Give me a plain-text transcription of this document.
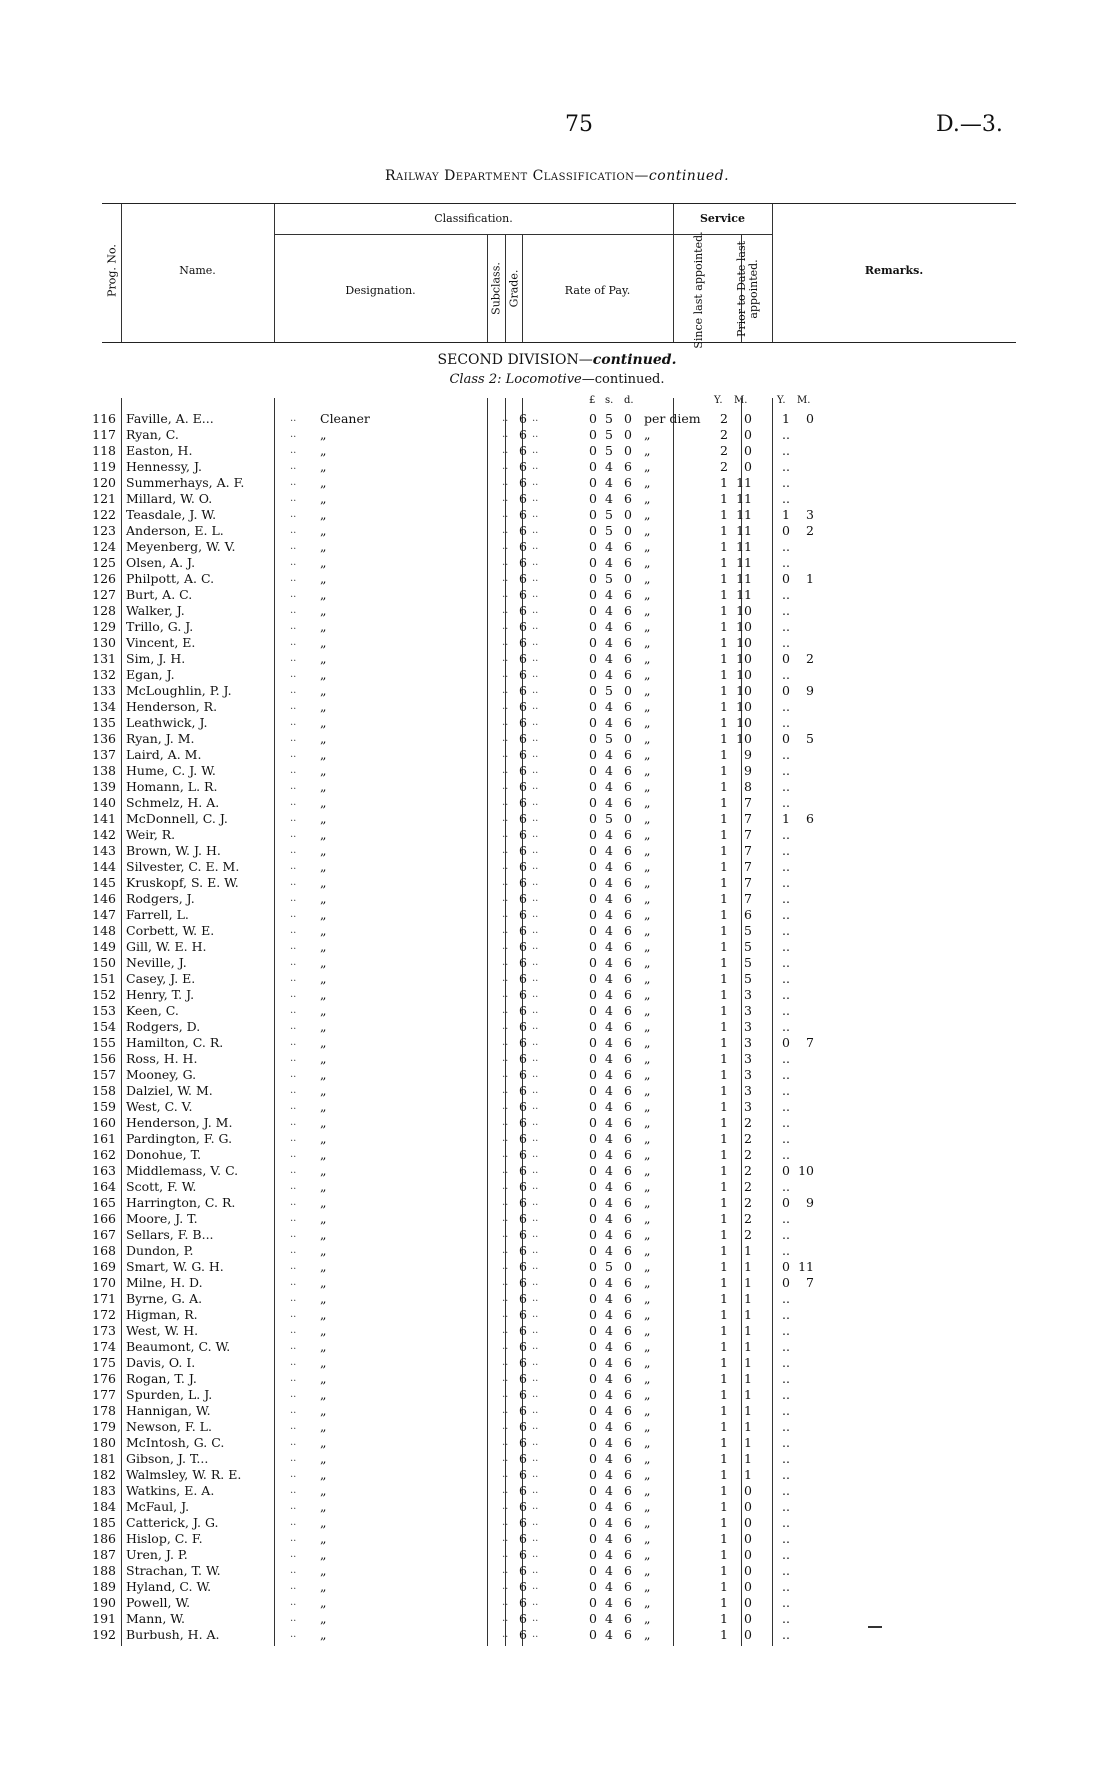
75	D.—3.
Railway Department Classification—continued.
Prog. No.	Name.
Classification.
Designation.	Subclass. Grade.	Rate of Pay.
Service
Since last appointed.	Prior to Date last appointed.	Remarks.
SECOND DIVISION—continued.
Class 2: Locomotive—continued.
£ s. d.	Y. M.	Y. M.
116 Faville, A. E...	Cleaner	6	0 5 0 per diem	2	0	1	0
..	.. ..
117 Ryan, C.	„	6	0 5 0 „	2	0	..
..	.. ..
118 Easton, H.	„	6	0 5 0 „	2	0	..
..	.. ..
119 Hennessy, J.	„	6	0 4 6 „	2	0	..
..	.. ..
120 Summerhays, A. F.	„	6	0 4 6 „	1 11	..
..	.. ..
121 Millard, W. O.	„	6	0 4 6 „	1 11	..
..	.. ..
122 Teasdale, J. W.	„	6	0 5 0 „	1 11	1	3
..	.. ..
123 Anderson, E. L.	„	6	0 5 0 „	1 11	0	2
..	.. ..
124 Meyenberg, W. V.	„	6	0 4 6 „	1 11	..
..	.. ..
125 Olsen, A. J.	„	6	0 4 6 „	1 11	..
..	.. ..
126 Philpott, A. C.	„	6	0 5 0 „	1 11	0	1
..	.. ..
127 Burt, A. C.	„	6	0 4 6 „	1 11	..
..	.. ..
128 Walker, J.	„	6	0 4 6 „	1 10	..
..	.. ..
129 Trillo, G. J.	„	6	0 4 6 „	1 10	..
..	.. ..
130 Vincent, E.	„	6	0 4 6 „	1 10	..
..	.. ..
131 Sim, J. H.	„	6	0 4 6 „	1 10	0	2
..	.. ..
132 Egan, J.	„	6	0 4 6 „	1 10	..
..	.. ..
133 McLoughlin, P. J.	„	6	0 5 0 „	1 10	0	9
..	.. ..
134 Henderson, R.	„	6	0 4 6 „	1 10	..
..	.. ..
135 Leathwick, J.	„	6	0 4 6 „	1 10	..
..	.. ..
136 Ryan, J. M.	„	6	0 5 0 „	1 10	0	5
..	.. ..
137 Laird, A. M.	„	6	0 4 6 „	1	9	..
..	.. ..
138 Hume, C. J. W.	„	6	0 4 6 „	1	9	..
..	.. ..
139 Homann, L. R.	„	6	0 4 6 „	1	8	..
..	.. ..
140 Schmelz, H. A.	„	6	0 4 6 „	1	7	..
..	.. ..
141 McDonnell, C. J.	„	6	0 5 0 „	1	7	1	6
..	.. ..
142 Weir, R.	„	6	0 4 6 „	1	7	..
..	.. ..
143 Brown, W. J. H.	„	6	0 4 6 „	1	7	..
..	.. ..
144 Silvester, C. E. M.	„	6	0 4 6 „	1	7	..
..	.. ..
145 Kruskopf, S. E. W.	„	6	0 4 6 „	1	7	..
..	.. ..
146 Rodgers, J.	„	6	0 4 6 „	1	7	..
..	.. ..
147 Farrell, L.	„	6	0 4 6 „	1	6	..
..	.. ..
148 Corbett, W. E.	„	6	0 4 6 „	1	5	..
..	.. ..
149 Gill, W. E. H.	„	6	0 4 6 „	1	5	..
..	.. ..
150 Neville, J.	„	6	0 4 6 „	1	5	..
..	.. ..
151 Casey, J. E.	„	6	0 4 6 „	1	5	..
..	.. ..
152 Henry, T. J.	„	6	0 4 6 „	1	3	..
..	.. ..
153 Keen, C.	„	6	0 4 6 „	1	3	..
..	.. ..
154 Rodgers, D.	„	6	0 4 6 „	1	3	..
..	.. ..
155 Hamilton, C. R.	„	6	0 4 6 „	1	3	0	7
..	.. ..
156 Ross, H. H.	„	6	0 4 6 „	1	3	..
..	.. ..
157 Mooney, G.	„	6	0 4 6 „	1	3	..
..	.. ..
158 Dalziel, W. M.	„	6	0 4 6 „	1	3	..
..	.. ..
159 West, C. V.	„	6	0 4 6 „	1	3	..
..	.. ..
160 Henderson, J. M.	„	6	0 4 6 „	1	2	..
..	.. ..
161 Pardington, F. G.	„	6	0 4 6 „	1	2	..
..	.. ..
162 Donohue, T.	„	6	0 4 6 „	1	2	..
..	.. ..
163 Middlemass, V. C.	„	6	0 4 6 „	1	2	0 10
..	.. ..
164 Scott, F. W.	„	6	0 4 6 „	1	2	..
..	.. ..
165 Harrington, C. R.	„	6	0 4 6 „	1	2	0	9
..	.. ..
166 Moore, J. T.	„	6	0 4 6 „	1	2	..
..	.. ..
167 Sellars, F. B...	„	6	0 4 6 „	1	2	..
..	.. ..
168 Dundon, P.	„	6	0 4 6 „	1	1	..
..	.. ..
169 Smart, W. G. H.	„	6	0 5 0 „	1	1	0 11
..	.. ..
170 Milne, H. D.	„	6	0 4 6 „	1	1	0	7
..	.. ..
171 Byrne, G. A.	„	6	0 4 6 „	1	1	..
..	.. ..
172 Higman, R.	„	6	0 4 6 „	1	1	..
..	.. ..
173 West, W. H.	„	6	0 4 6 „	1	1	..
..	.. ..
174 Beaumont, C. W.	„	6	0 4 6 „	1	1	..
..	.. ..
175 Davis, O. I.	„	6	0 4 6 „	1	1	..
..	.. ..
176 Rogan, T. J.	„	6	0 4 6 „	1	1	..
..	.. ..
177 Spurden, L. J.	„	6	0 4 6 „	1	1	..
..	.. ..
178 Hannigan, W.	„	6	0 4 6 „	1	1	..
..	.. ..
179 Newson, F. L.	„	6	0 4 6 „	1	1	..
..	.. ..
180 McIntosh, G. C.	„	6	0 4 6 „	1	1	..
..	.. ..
181 Gibson, J. T...	„	6	0 4 6 „	1	1	..
..	.. ..
182 Walmsley, W. R. E.	„	6	0 4 6 „	1	1	..
..	.. ..
183 Watkins, E. A.	„	6	0 4 6 „	1	0	..
..	.. ..
184 McFaul, J.	„	6	0 4 6 „	1	0	..
..	.. ..
185 Catterick, J. G.	„	6	0 4 6 „	1	0	..
..	.. ..
186 Hislop, C. F.	„	6	0 4 6 „	1	0	..
..	.. ..
187 Uren, J. P.	„	6	0 4 6 „	1	0	..
..	.. ..
188 Strachan, T. W.	„	6	0 4 6 „	1	0	..
..	.. ..
189 Hyland, C. W.	„	6	0 4 6 „	1	0	..
..	.. ..
190 Powell, W.	„	6	0 4 6 „	1	0	..
..	.. ..
191 Mann, W.	„	6	0 4 6 „	1	0	..
..	.. ..
192 Burbush, H. A.	„	6	0 4 6 „	1	0	..
..	.. ..
